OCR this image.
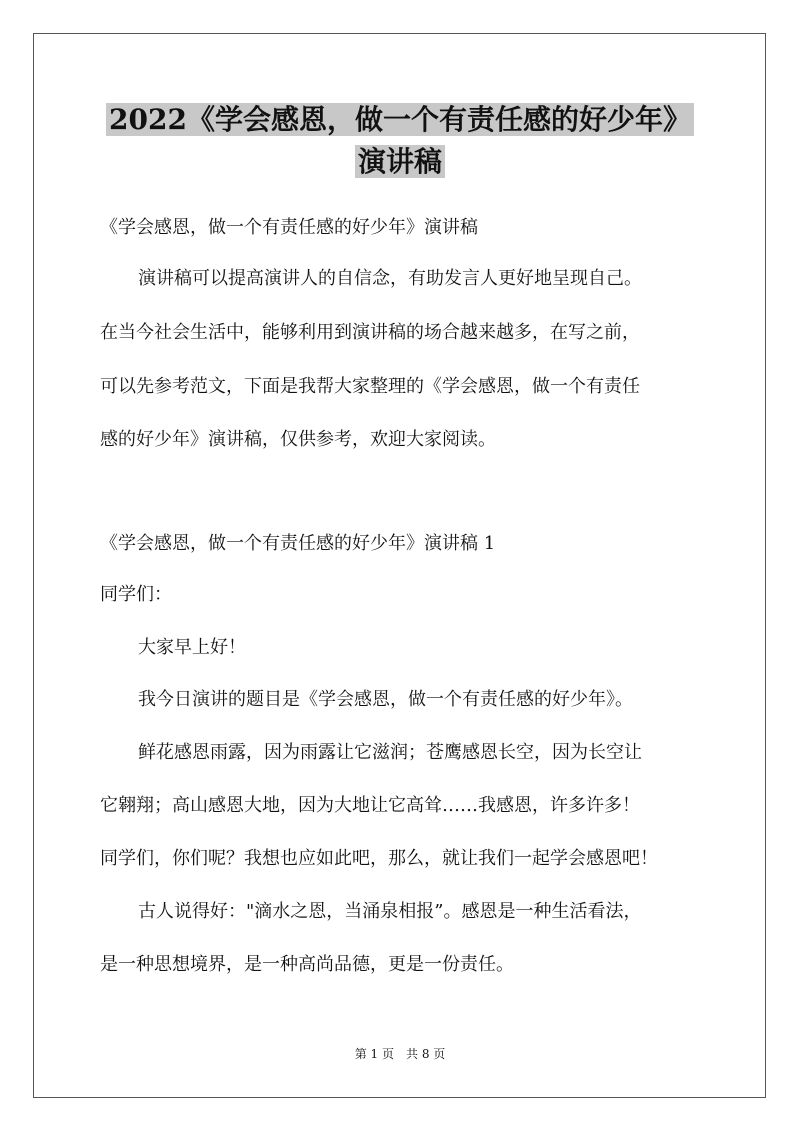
2022《学会感恩，做一个有责任感的好少年》
演讲稿
《学会感恩，做一个有责任感的好少年》演讲稿
演讲稿可以提高演讲人的自信念，有助发言人更好地呈现自己。
在当今社会生活中，能够利用到演讲稿的场合越来越多，在写之前，
可以先参考范文，下面是我帮大家整理的《学会感恩，做一个有责任
感的好少年》演讲稿，仅供参考，欢迎大家阅读。
《学会感恩，做一个有责任感的好少年》演讲稿 1
同学们：
大家早上好！
我今日演讲的题目是《学会感恩，做一个有责任感的好少年》。
鲜花感恩雨露，因为雨露让它滋润；苍鹰感恩长空，因为长空让
它翱翔；高山感恩大地，因为大地让它高耸……我感恩，许多许多！
同学们，你们呢？我想也应如此吧，那么，就让我们一起学会感恩吧！
古人说得好："滴水之恩，当涌泉相报”。感恩是一种生活看法，
是一种思想境界，是一种高尚品德，更是一份责任。
第 1 页　共 8 页
